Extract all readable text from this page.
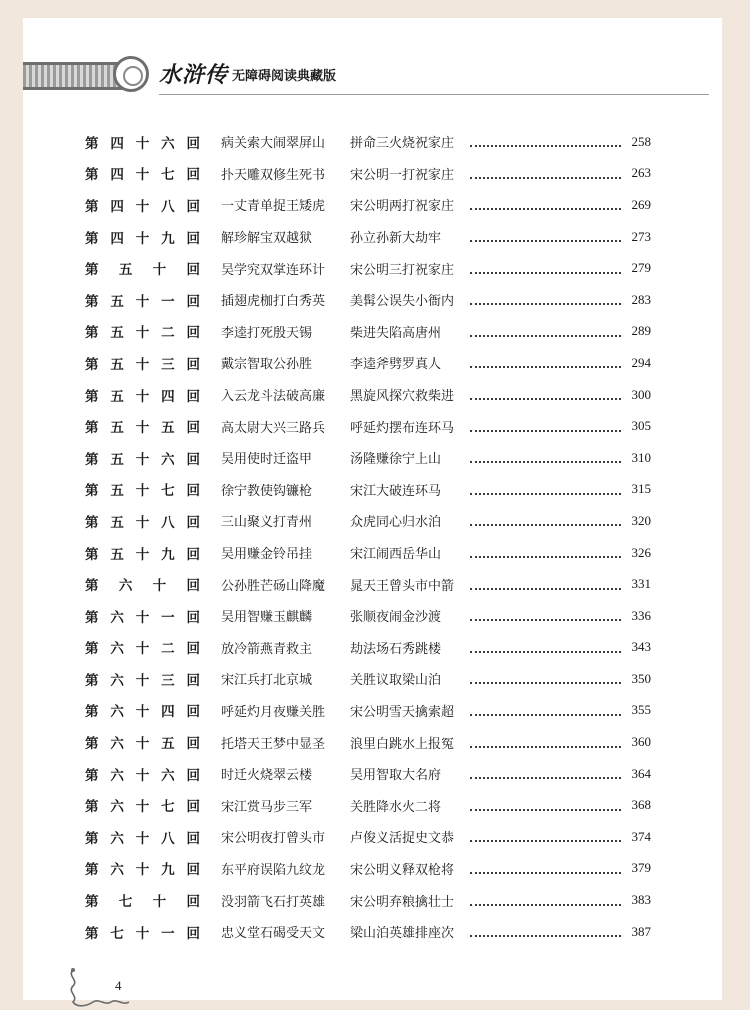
水浒传
· 无障碍阅读典藏版
第四十六回 病关索大闹翠屏山	拼命三火烧祝家庄	258
第四十七回 扑天雕双修生死书	宋公明一打祝家庄	263
第四十八回 一丈青单捉王矮虎	宋公明两打祝家庄	269
第四十九回 解珍解宝双越狱	孙立孙新大劫牢	273
第五十回 吴学究双掌连环计	宋公明三打祝家庄	279
第五十一回 插翅虎枷打白秀英	美髯公误失小衙内	283
第五十二回 李逵打死殷天锡	柴进失陷高唐州	289
第五十三回 戴宗智取公孙胜	李逵斧劈罗真人	294
第五十四回 入云龙斗法破高廉	黑旋风探穴救柴进	300
第五十五回 高太尉大兴三路兵	呼延灼摆布连环马	305
第五十六回 吴用使时迁盗甲	汤隆赚徐宁上山	310
第五十七回 徐宁教使钩镰枪	宋江大破连环马	315
第五十八回 三山聚义打青州	众虎同心归水泊	320
第五十九回 吴用赚金铃吊挂	宋江闹西岳华山	326
第六十回 公孙胜芒砀山降魔	晁天王曾头市中箭	331
第六十一回 吴用智赚玉麒麟	张顺夜闹金沙渡	336
第六十二回 放冷箭燕青救主	劫法场石秀跳楼	343
第六十三回 宋江兵打北京城	关胜议取梁山泊	350
第六十四回 呼延灼月夜赚关胜	宋公明雪天擒索超	355
第六十五回 托塔天王梦中显圣	浪里白跳水上报冤	360
第六十六回 时迁火烧翠云楼	吴用智取大名府	364
第六十七回 宋江赏马步三军	关胜降水火二将	368
第六十八回 宋公明夜打曾头市	卢俊义活捉史文恭	374
第六十九回 东平府误陷九纹龙	宋公明义释双枪将	379
第七十回 没羽箭飞石打英雄	宋公明弃粮擒壮士	383
第七十一回 忠义堂石碣受天文	梁山泊英雄排座次	387
4
